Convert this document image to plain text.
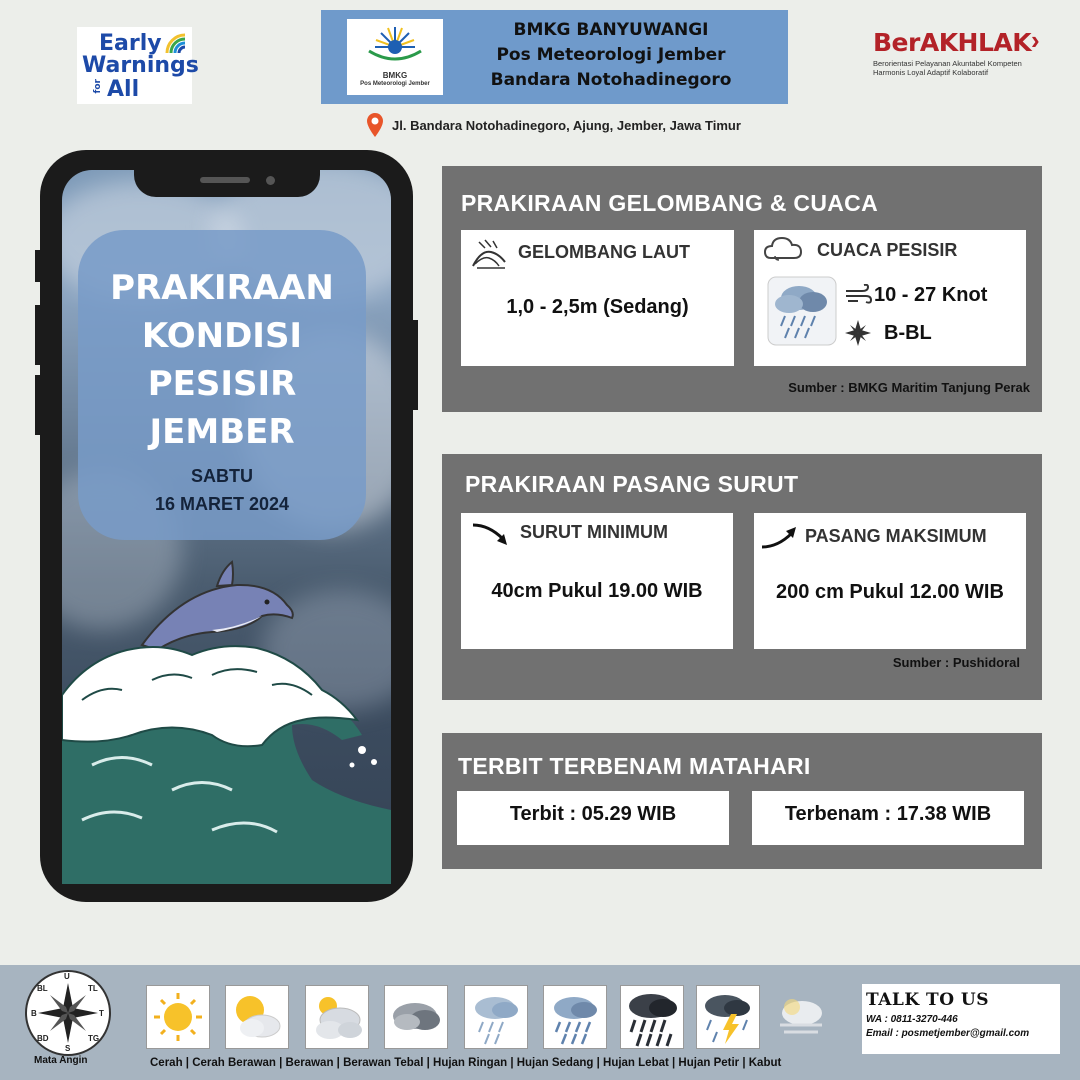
Early
Warnings
for All
BMKG
Pos Meteorologi Jember
BMKG BANYUWANGI
Pos Meteorologi Jember
Bandara Notohadinegoro
Jl. Bandara Notohadinegoro, Ajung, Jember, Jawa Timur
BerAKHLAK ›
Berorientasi Pelayanan Akuntabel Kompeten
Harmonis Loyal Adaptif Kolaboratif
PRAKIRAAN
KONDISI
PESISIR
JEMBER
SABTU
16 MARET 2024
PRAKIRAAN GELOMBANG & CUACA
GELOMBANG LAUT
1,0 - 2,5m (Sedang)
CUACA PESISIR
10 - 27 Knot
B-BL
Sumber : BMKG Maritim Tanjung Perak
PRAKIRAAN PASANG SURUT
SURUT MINIMUM
40cm Pukul 19.00 WIB
PASANG MAKSIMUM
200 cm Pukul 12.00 WIB
Sumber : Pushidoral
TERBIT TERBENAM MATAHARI
Terbit : 05.29 WIB	Terbenam : 17.38 WIB
U
TL
T
TG
S
BD
B
BL
Mata Angin	Cerah | Cerah Berawan | Berawan | Berawan Tebal | Hujan Ringan | Hujan Sedang | Hujan Lebat | Hujan Petir | Kabut
TALK TO US
WA : 0811-3270-446
Email : posmetjember@gmail.com
